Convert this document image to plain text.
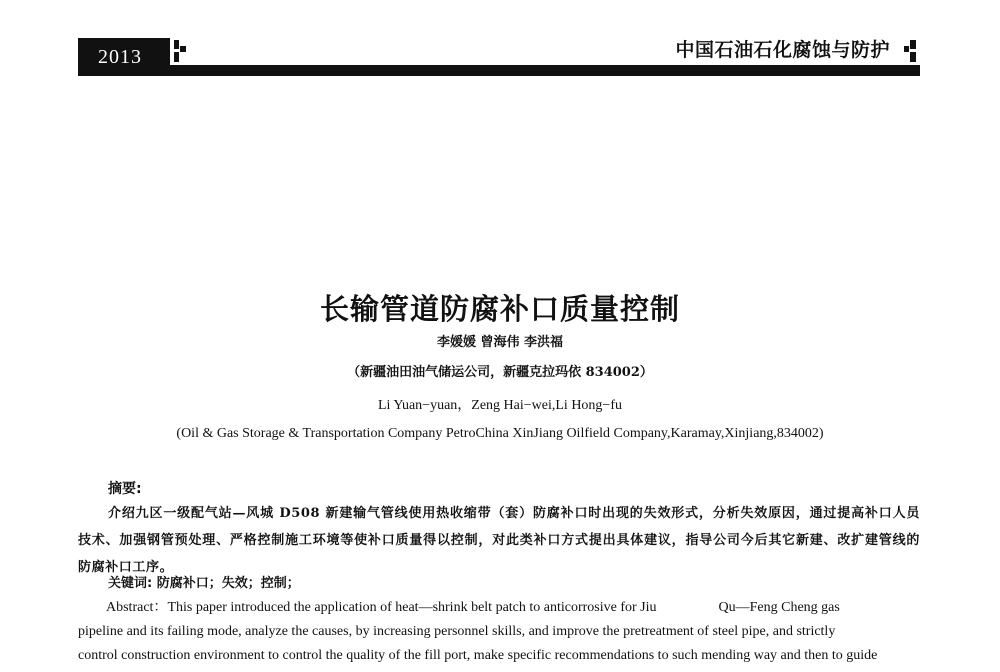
2013	中国石油石化腐蚀与防护
长输管道防腐补口质量控制
李媛媛 曾海伟 李洪福
（新疆油田油气储运公司，新疆克拉玛依 834002）
Li Yuan−yuan，Zeng Hai−wei,Li Hong−fu
(Oil & Gas Storage & Transportation Company PetroChina XinJiang Oilfield Company,Karamay,Xinjiang,834002)
摘要:

介绍九区一级配气站—风城 D508 新建输气管线使用热收缩带（套）防腐补口时出现的失效形式，分析失效原因，通过提高补口人员技术、加强钢管预处理、严格控制施工环境等使补口质量得以控制，对此类补口方式提出具体建议，指导公司今后其它新建、改扩建管线的防腐补口工序。

关键词: 防腐补口；失效；控制；
Abstract：This paper introduced the application of heat—shrink belt patch to anticorrosive for Jiu	Qu—Feng Cheng gas
pipeline and its failing mode, analyze the causes, by increasing personnel skills, and improve the pretreatment of steel pipe, and strictly
control construction environment to control the quality of the fill port, make specific recommendations to such mending way and then to guide
